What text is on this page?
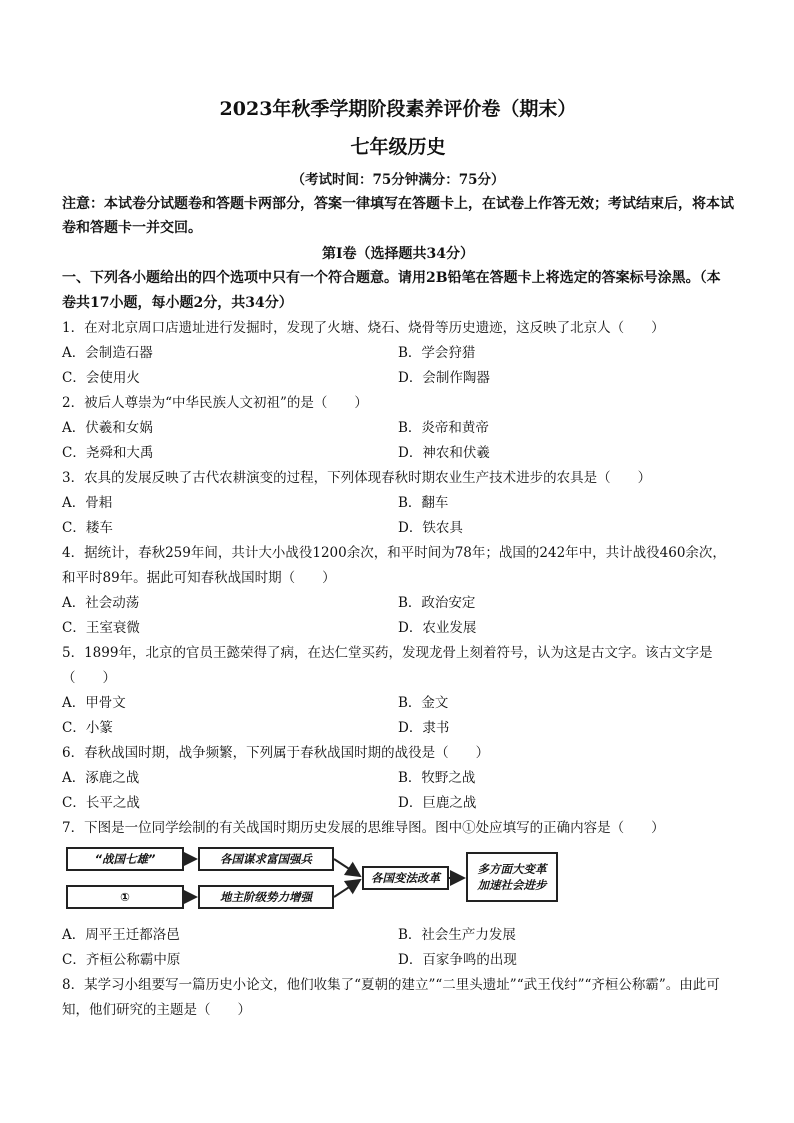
2023年秋季学期阶段素养评价卷（期末）
七年级历史
（考试时间：75分钟满分：75分）
注意：本试卷分试题卷和答题卡两部分，答案一律填写在答题卡上，在试卷上作答无效；考试结束后，将本试卷和答题卡一并交回。
第Ⅰ卷（选择题共34分）
一、下列各小题给出的四个选项中只有一个符合题意。请用2B铅笔在答题卡上将选定的答案标号涂黑。（本卷共17小题，每小题2分，共34分）
1．在对北京周口店遗址进行发掘时，发现了火塘、烧石、烧骨等历史遗迹，这反映了北京人（　　）
A．会制造石器	B．学会狩猎
C．会使用火	D．会制作陶器
2．被后人尊崇为“中华民族人文初祖”的是（　　）
A．伏羲和女娲	B．炎帝和黄帝
C．尧舜和大禹	D．神农和伏羲
3．农具的发展反映了古代农耕演变的过程，下列体现春秋时期农业生产技术进步的农具是（　　）
A．骨耜	B．翻车
C．耧车	D．铁农具
4．据统计，春秋259年间，共计大小战役1200余次，和平时间为78年；战国的242年中，共计战役460余次，和平时89年。据此可知春秋战国时期（　　）
A．社会动荡	B．政治安定
C．王室衰微	D．农业发展
5．1899年，北京的官员王懿荣得了病，在达仁堂买药，发现龙骨上刻着符号，认为这是古文字。该古文字是（　　）
A．甲骨文	B．金文
C．小篆	D．隶书
6．春秋战国时期，战争频繁，下列属于春秋战国时期的战役是（　　）
A．涿鹿之战	B．牧野之战
C．长平之战	D．巨鹿之战
7．下图是一位同学绘制的有关战国时期历史发展的思维导图。图中①处应填写的正确内容是（　　）
“战国七雄”
①
各国谋求富国强兵
地主阶级势力增强
各国变法改革
多方面大变革
加速社会进步
A．周平王迁都洛邑	B．社会生产力发展
C．齐桓公称霸中原	D．百家争鸣的出现
8．某学习小组要写一篇历史小论文，他们收集了“夏朝的建立”“二里头遗址”“武王伐纣”“齐桓公称霸”。由此可知，他们研究的主题是（　　）
